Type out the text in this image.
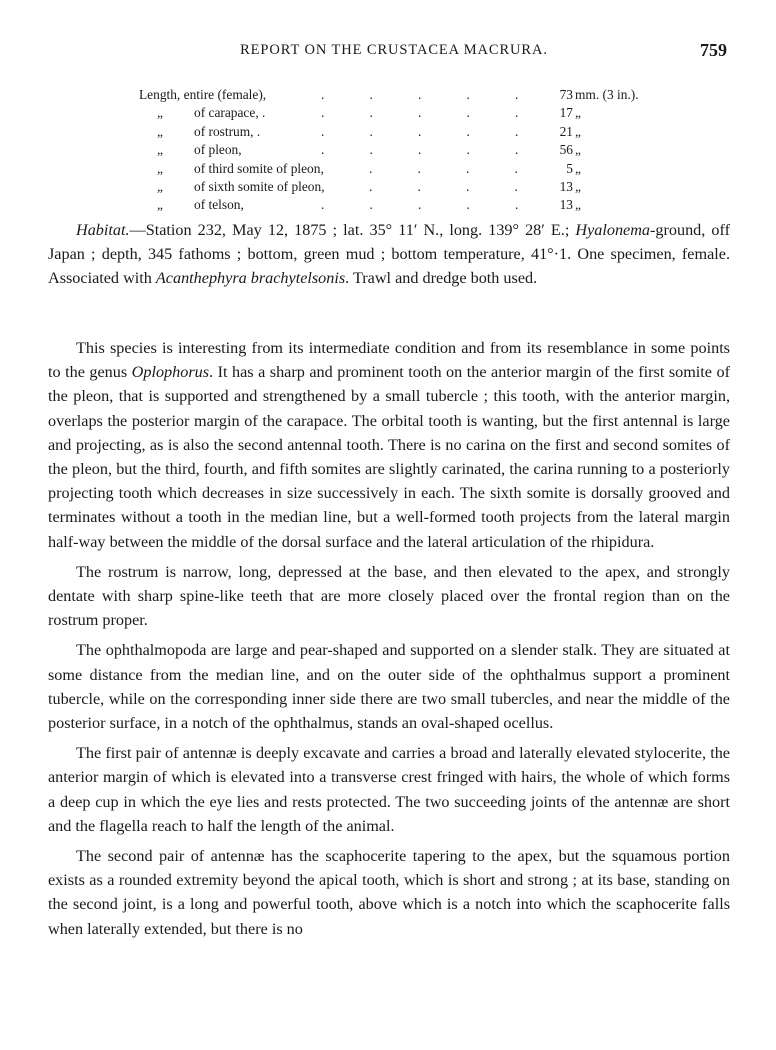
REPORT ON THE CRUSTACEA MACRURA.	759
Length, entire (female),	.	.	.	.	.	73 mm. (3 in.).
„ of carapace, .	.	.	.	.	.	17 „
„ of rostrum, .	.	.	.	.	.	21 „
„ of pleon,	.	.	.	.	.	56 „
„ of third somite of pleon,	.	.	.	.	5 „
„ of sixth somite of pleon,	.	.	.	.	13 „
„ of telson,	.	.	.	.	.	13 „

Habitat.—Station 232, May 12, 1875 ; lat. 35° 11′ N., long. 139° 28′ E.; Hyalonema-ground, off Japan ; depth, 345 fathoms ; bottom, green mud ; bottom temperature, 41°·1. One specimen, female. Associated with Acanthephyra brachytelsonis. Trawl and dredge both used.

This species is interesting from its intermediate condition and from its resemblance in some points to the genus Oplophorus. It has a sharp and prominent tooth on the anterior margin of the first somite of the pleon, that is supported and strengthened by a small tubercle ; this tooth, with the anterior margin, overlaps the posterior margin of the carapace. The orbital tooth is wanting, but the first antennal is large and projecting, as is also the second antennal tooth. There is no carina on the first and second somites of the pleon, but the third, fourth, and fifth somites are slightly carinated, the carina running to a posteriorly projecting tooth which decreases in size successively in each. The sixth somite is dorsally grooved and terminates without a tooth in the median line, but a well-formed tooth projects from the lateral margin half-way between the middle of the dorsal surface and the lateral articulation of the rhipidura.

The rostrum is narrow, long, depressed at the base, and then elevated to the apex, and strongly dentate with sharp spine-like teeth that are more closely placed over the frontal region than on the rostrum proper.

The ophthalmopoda are large and pear-shaped and supported on a slender stalk. They are situated at some distance from the median line, and on the outer side of the ophthalmus support a prominent tubercle, while on the corresponding inner side there are two small tubercles, and near the middle of the posterior surface, in a notch of the ophthalmus, stands an oval-shaped ocellus.

The first pair of antennæ is deeply excavate and carries a broad and laterally elevated stylocerite, the anterior margin of which is elevated into a transverse crest fringed with hairs, the whole of which forms a deep cup in which the eye lies and rests protected. The two succeeding joints of the antennæ are short and the flagella reach to half the length of the animal.

The second pair of antennæ has the scaphocerite tapering to the apex, but the squamous portion exists as a rounded extremity beyond the apical tooth, which is short and strong ; at its base, standing on the second joint, is a long and powerful tooth, above which is a notch into which the scaphocerite falls when laterally extended, but there is no
